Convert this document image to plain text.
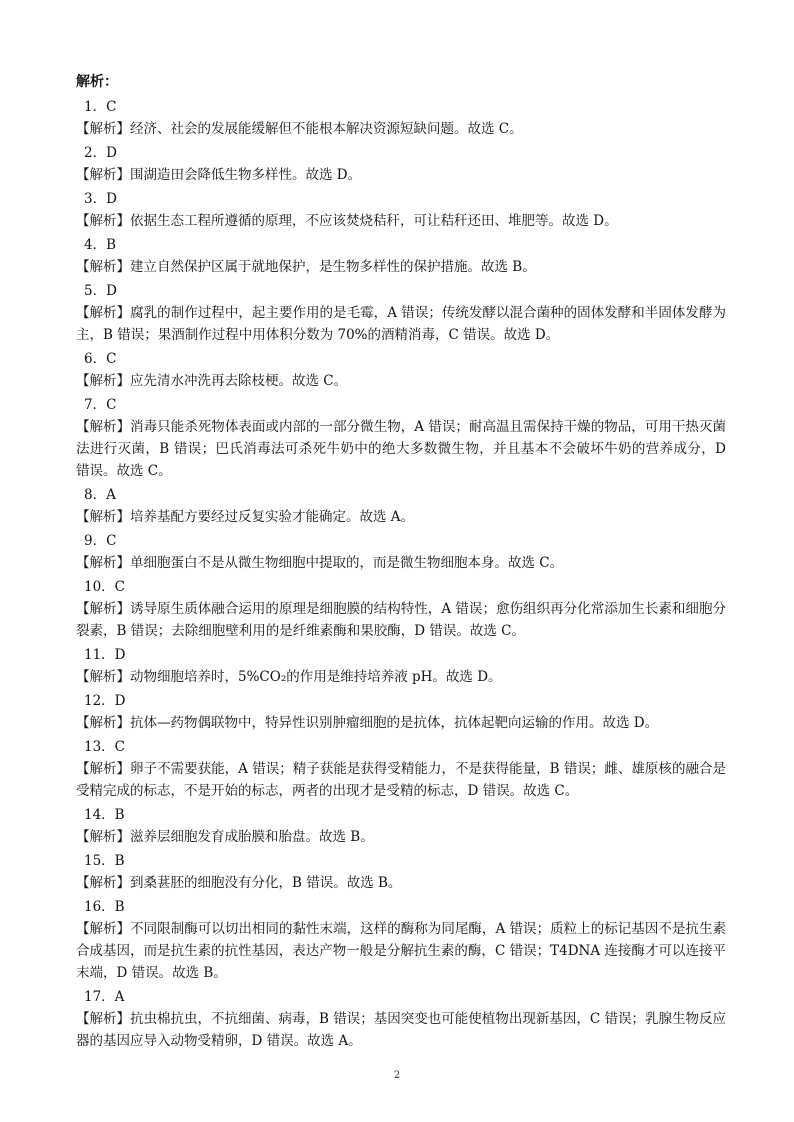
解析：
1．C
【解析】经济、社会的发展能缓解但不能根本解决资源短缺问题。故选 C。
2．D
【解析】围湖造田会降低生物多样性。故选 D。
3．D
【解析】依据生态工程所遵循的原理，不应该焚烧秸秆，可让秸秆还田、堆肥等。故选 D。
4．B
【解析】建立自然保护区属于就地保护，是生物多样性的保护措施。故选 B。
5．D
【解析】腐乳的制作过程中，起主要作用的是毛霉，A 错误；传统发酵以混合菌种的固体发酵和半固体发酵为主，B 错误；果酒制作过程中用体积分数为 70%的酒精消毒，C 错误。故选 D。
6．C
【解析】应先清水冲洗再去除枝梗。故选 C。
7．C
【解析】消毒只能杀死物体表面或内部的一部分微生物，A 错误；耐高温且需保持干燥的物品，可用干热灭菌法进行灭菌，B 错误；巴氏消毒法可杀死牛奶中的绝大多数微生物，并且基本不会破坏牛奶的营养成分，D 错误。故选 C。
8．A
【解析】培养基配方要经过反复实验才能确定。故选 A。
9．C
【解析】单细胞蛋白不是从微生物细胞中提取的，而是微生物细胞本身。故选 C。
10．C
【解析】诱导原生质体融合运用的原理是细胞膜的结构特性，A 错误；愈伤组织再分化常添加生长素和细胞分裂素，B 错误；去除细胞壁利用的是纤维素酶和果胶酶，D 错误。故选 C。
11．D
【解析】动物细胞培养时，5%CO₂的作用是维持培养液 pH。故选 D。
12．D
【解析】抗体—药物偶联物中，特异性识别肿瘤细胞的是抗体，抗体起靶向运输的作用。故选 D。
13．C
【解析】卵子不需要获能，A 错误；精子获能是获得受精能力，不是获得能量，B 错误；雌、雄原核的融合是受精完成的标志，不是开始的标志，两者的出现才是受精的标志，D 错误。故选 C。
14．B
【解析】滋养层细胞发育成胎膜和胎盘。故选 B。
15．B
【解析】到桑葚胚的细胞没有分化，B 错误。故选 B。
16．B
【解析】不同限制酶可以切出相同的黏性末端，这样的酶称为同尾酶，A 错误；质粒上的标记基因不是抗生素合成基因，而是抗生素的抗性基因，表达产物一般是分解抗生素的酶，C 错误；T4DNA 连接酶才可以连接平末端，D 错误。故选 B。
17．A
【解析】抗虫棉抗虫，不抗细菌、病毒，B 错误；基因突变也可能使植物出现新基因，C 错误；乳腺生物反应器的基因应导入动物受精卵，D 错误。故选 A。
2
